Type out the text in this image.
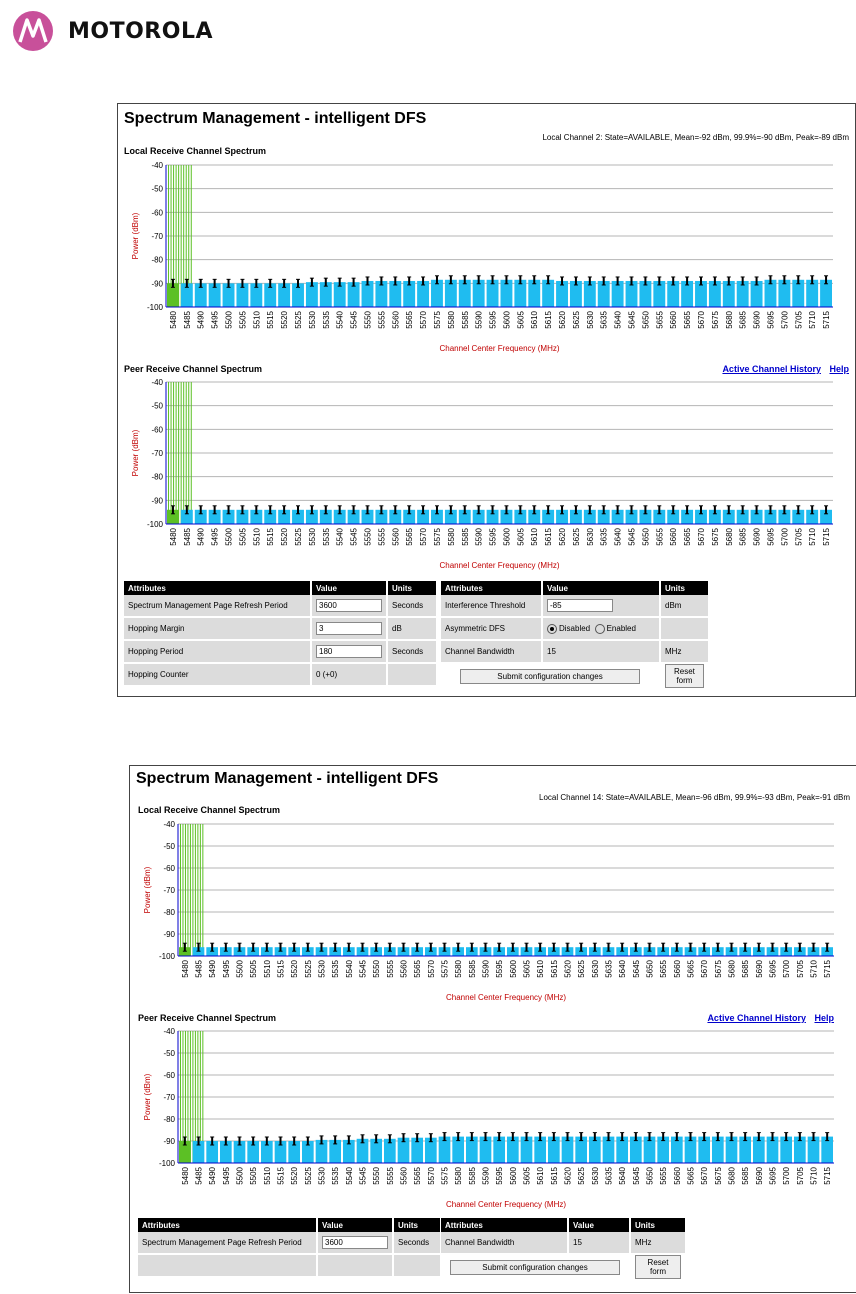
MOTOROLA
Spectrum Management - intelligent DFS
Local Channel 2: State=AVAILABLE, Mean=-92 dBm, 99.9%=-90 dBm, Peak=-89 dBm
Local Receive Channel Spectrum
-40
-50
-60
-70
-80
-90
-100
5480 5485 5490 5495 5500 5505 5510 5515 5520 5525 5530 5535 5540 5545 5550 5555 5560 5565 5570 5575 5580 5585 5590 5595 5600 5605 5610 5615 5620 5625 5630 5635 5640 5645 5650 5655 5660 5665 5670 5675 5680 5685 5690 5695 5700 5705 5710 5715
Channel Center Frequency (MHz)
Power (dBm)
Peer Receive Channel Spectrum	Active Channel History Help
-40
-50
-60
-70
-80
-90
-100
5480 5485 5490 5495 5500 5505 5510 5515 5520 5525 5530 5535 5540 5545 5550 5555 5560 5565 5570 5575 5580 5585 5590 5595 5600 5605 5610 5615 5620 5625 5630 5635 5640 5645 5650 5655 5660 5665 5670 5675 5680 5685 5690 5695 5700 5705 5710 5715
Channel Center Frequency (MHz)
Power (dBm)
Attributes	Value	Units
Spectrum Management Page Refresh Period	3600	Seconds
Hopping Margin	3	dB
Hopping Period	180	Seconds
Hopping Counter	0 (+0)	
Attributes	Value	Units
Interference Threshold	-85	dBm
Asymmetric DFS	Disabled Enabled	
Channel Bandwidth	15	MHz
Submit configuration changes		Reset form
Spectrum Management - intelligent DFS
Local Channel 14: State=AVAILABLE, Mean=-96 dBm, 99.9%=-93 dBm, Peak=-91 dBm
Local Receive Channel Spectrum
-40
-50
-60
-70
-80
-90
-100
5480 5485 5490 5495 5500 5505 5510 5515 5520 5525 5530 5535 5540 5545 5550 5555 5560 5565 5570 5575 5580 5585 5590 5595 5600 5605 5610 5615 5620 5625 5630 5635 5640 5645 5650 5655 5660 5665 5670 5675 5680 5685 5690 5695 5700 5705 5710 5715
Channel Center Frequency (MHz)
Power (dBm)
Peer Receive Channel Spectrum	Active Channel History Help
-40
-50
-60
-70
-80
-90
-100
5480 5485 5490 5495 5500 5505 5510 5515 5520 5525 5530 5535 5540 5545 5550 5555 5560 5565 5570 5575 5580 5585 5590 5595 5600 5605 5610 5615 5620 5625 5630 5635 5640 5645 5650 5655 5660 5665 5670 5675 5680 5685 5690 5695 5700 5705 5710 5715
Channel Center Frequency (MHz)
Power (dBm)
Attributes	Value	Units
Spectrum Management Page Refresh Period	3600	Seconds

Attributes	Value	Units
Channel Bandwidth	15	MHz
Submit configuration changes		Reset form
